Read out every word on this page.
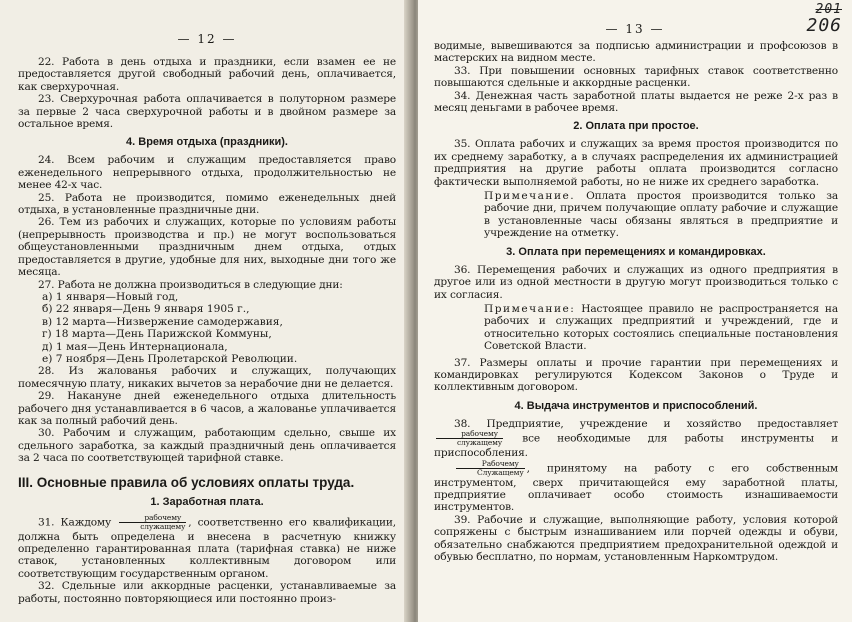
— 12 —

22. Работа в день отдыха и праздники, если взамен ее не предоставляется другой свободный рабочий день, оплачивается, как сверхурочная.

23. Сверхурочная работа оплачивается в полуторном размере за первые 2 часа сверхурочной работы и в двойном размере за остальное время.

4. Время отдыха (праздники).

24. Всем рабочим и служащим предоставляется право еженедельного непрерывного отдыха, продолжительностью не менее 42-х час.

25. Работа не производится, помимо еженедельных дней отдыха, в установленные праздничные дни.

26. Тем из рабочих и служащих, которые по условиям работы (непрерывность производства и пр.) не могут воспользоваться общеустановленными праздничным днем отдыха, отдых предоставляется в другие, удобные для них, выходные дни того же месяца.

27. Работа не должна производиться в следующие дни:

а) 1 января—Новый год,
б) 22 января—День 9 января 1905 г.,
в) 12 марта—Низвержение самодержавия,
г) 18 марта—День Парижской Коммуны,
д) 1 мая—День Интернационала,
е) 7 ноября—День Пролетарской Революции.

28. Из жалованья рабочих и служащих, получающих помесячную плату, никаких вычетов за нерабочие дни не делается.

29. Накануне дней еженедельного отдыха длительность рабочего дня устанавливается в 6 часов, а жалованье уплачивается как за полный рабочий день.

30. Рабочим и служащим, работающим сдельно, свыше их сдельного заработка, за каждый праздничный день оплачивается за 2 часа по соответствующей тарифной ставке.

III. Основные правила об условиях оплаты труда.
1. Заработная плата.

31. Каждому $\frac{\text{рабочему}}{\text{служащему}}$ , соответственно его квалификации, должна быть определена и внесена в расчетную книжку определенно гарантированная плата (тарифная ставка) не ниже ставок, установленных коллективным договором или соответствующим государственным органом.

32. Сдельные или аккордные расценки, устанавливаемые за работы, постоянно повторяющиеся или постоянно произ-

— 13 —
201
206

водимые, вывешиваются за подписью администрации и профсоюзов в мастерских на видном месте.

33. При повышении основных тарифных ставок соответственно повышаются сдельные и аккордные расценки.

34. Денежная часть заработной платы выдается не реже 2-х раз в месяц деньгами в рабочее время.

2. Оплата при простое.

35. Оплата рабочих и служащих за время простоя производится по их среднему заработку, а в случаях распределения их администрацией предприятия на другие работы оплата производится согласно фактически выполняемой работы, но не ниже их среднего заработка.

Примечание. Оплата простоя производится только за рабочие дни, причем получающие оплату рабочие и служащие в установленные часы обязаны являться в предприятие и учреждение на отметку.
3. Оплата при перемещениях и командировках.

36. Перемещения рабочих и служащих из одного предприятия в другое или из одной местности в другую могут производиться только с их согласия.

Примечание: Настоящее правило не распространяется на рабочих и служащих предприятий и учреждений, где и относительно которых состоялись специальные постановления Советской Власти.

37. Размеры оплаты и прочие гарантии при перемещениях и командировках регулируются Кодексом Законов о Труде и коллективным договором.

4. Выдача инструментов и приспособлений.

38. Предприятие, учреждение и хозяйство предоставляет
$\frac{\text{рабочему}}{\text{служащему}}$ все необходимые для работы инструменты и приспособления.

$\frac{\text{Рабочему}}{\text{Служащему}}$ , принятому на работу с его собственным инструментом, сверх причитающейся ему заработной платы, предприятие оплачивает особо стоимость изнашиваемости инструментов.

39. Рабочие и служащие, выполняющие работу, условия которой сопряжены с быстрым изнашиванием или порчей одежды и обуви, обязательно снабжаются предприятием предохранительной одеждой и обувью бесплатно, по нормам, установленным Наркомтрудом.
